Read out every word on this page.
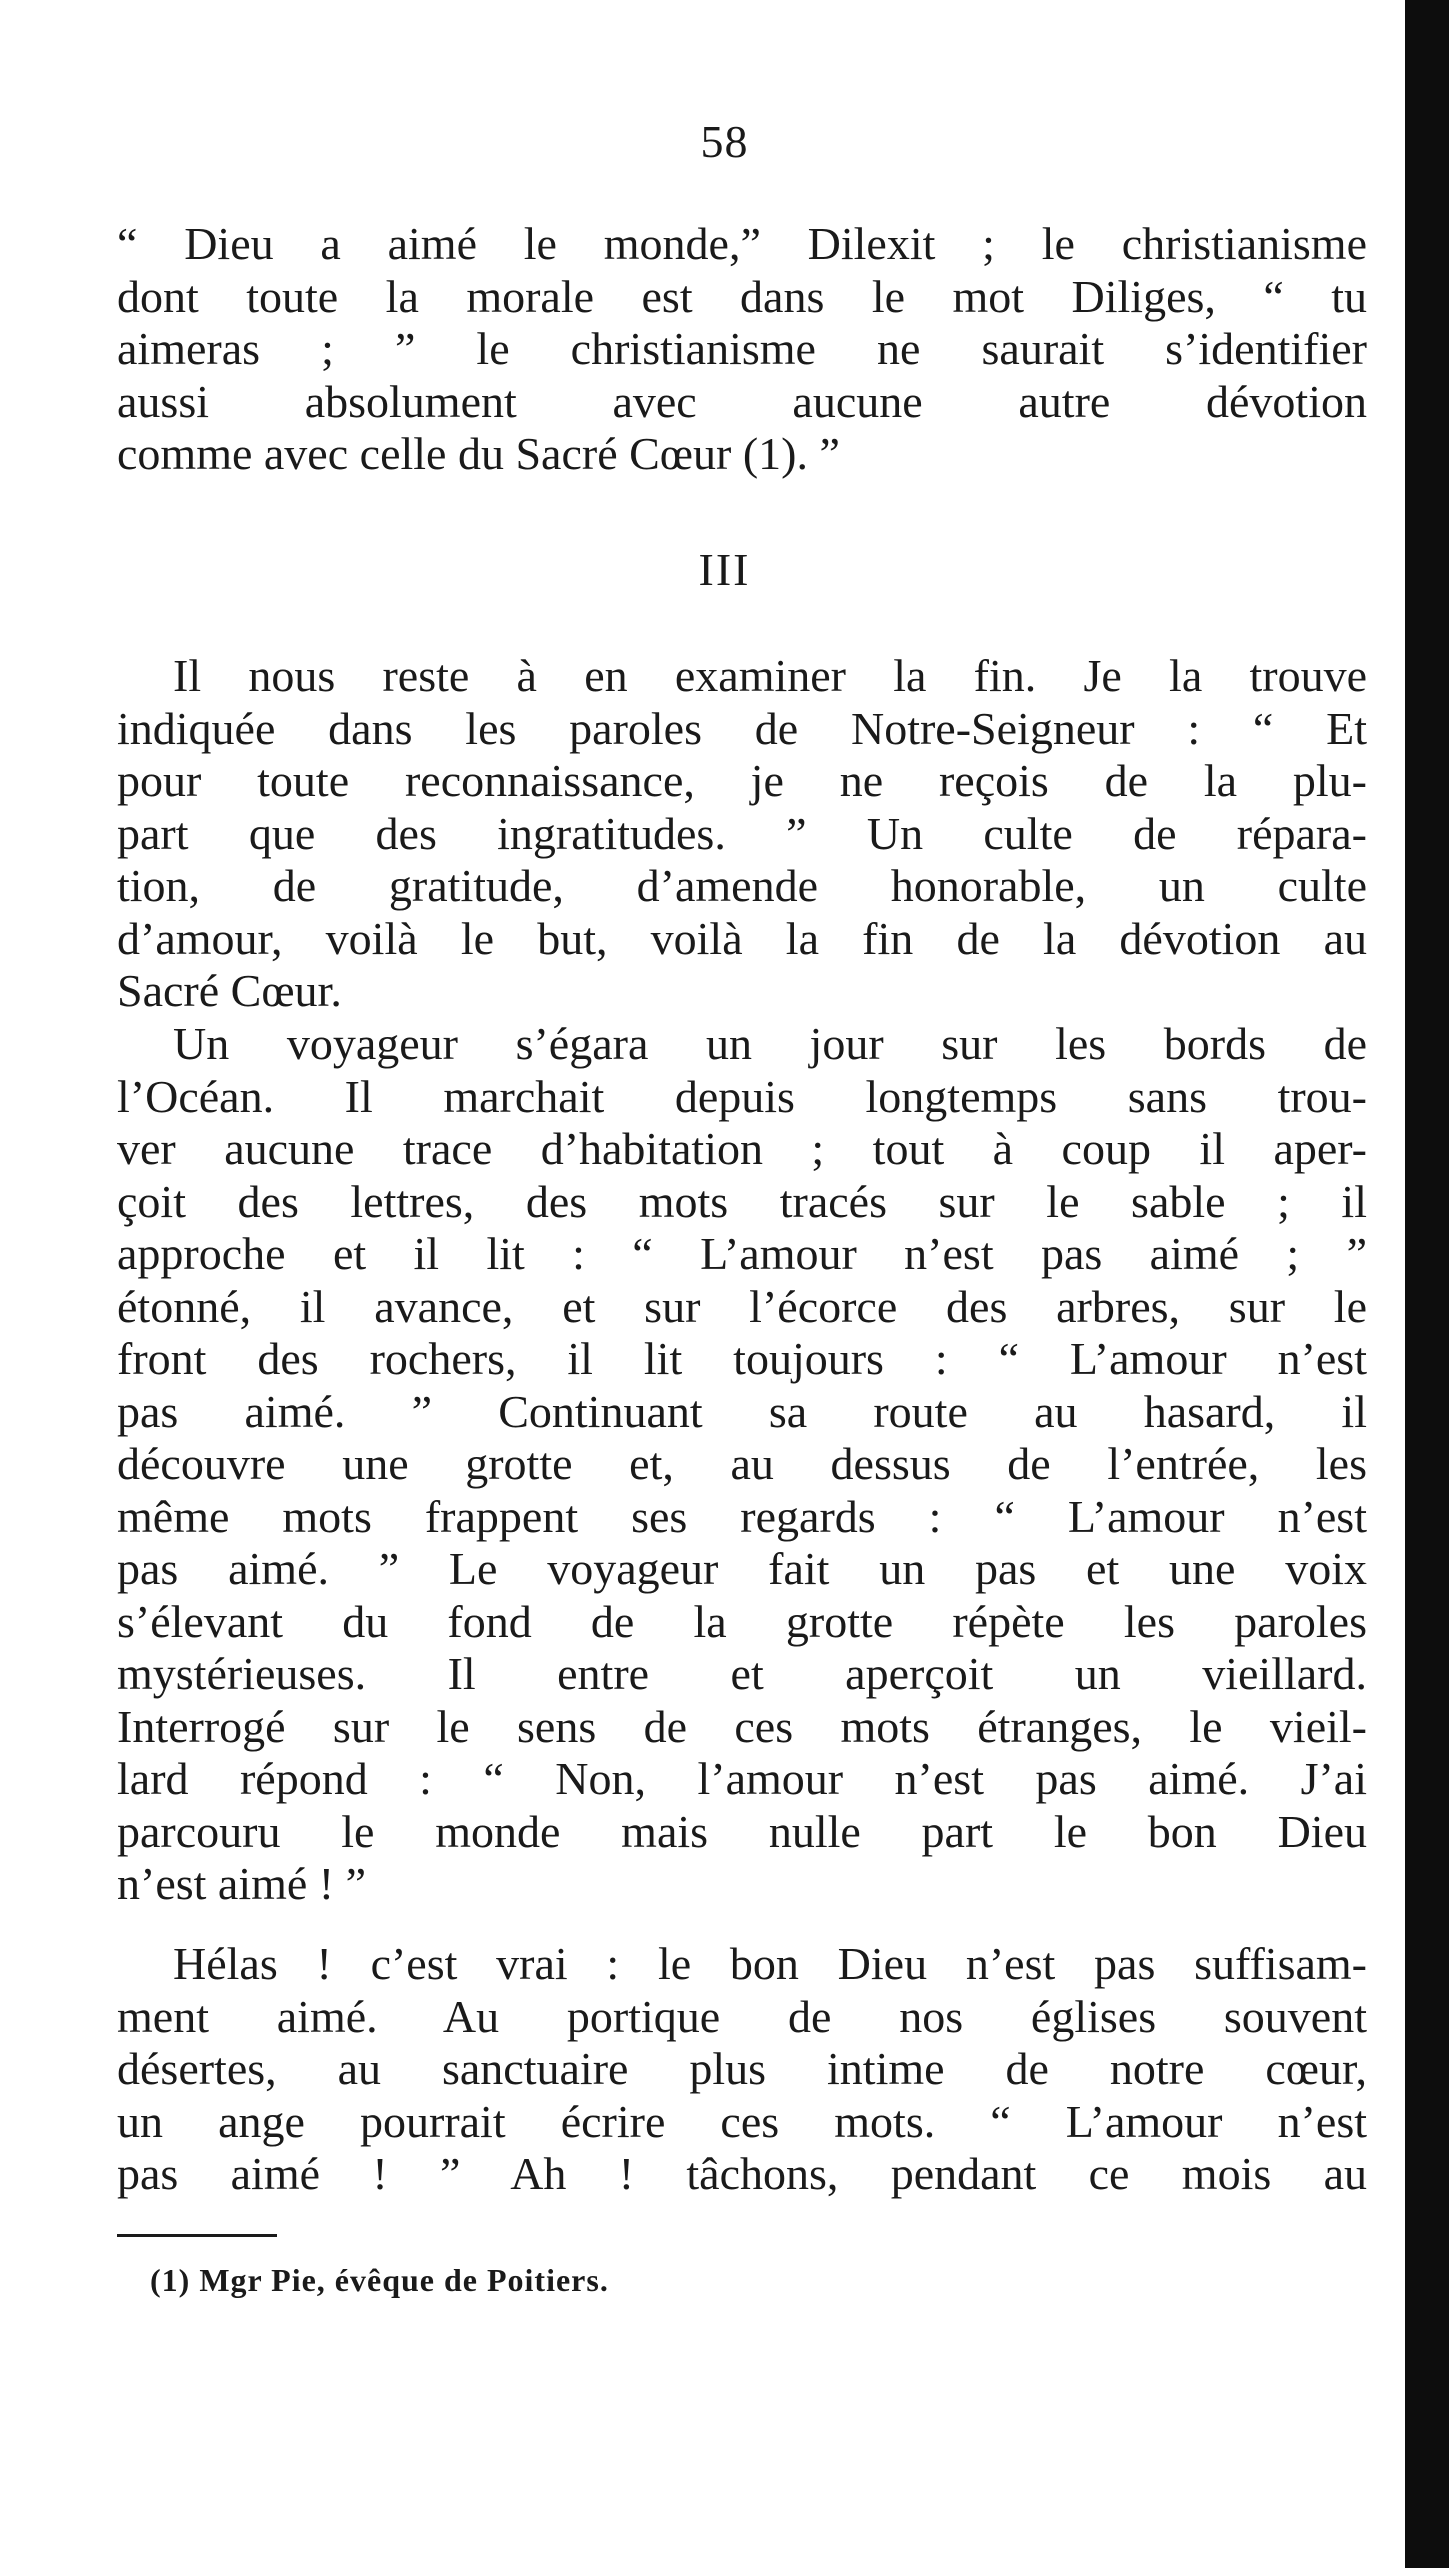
58
“ Dieu a aimé le monde,” Dilexit ; le christianisme
dont toute la morale est dans le mot Diliges, “ tu
aimeras ; ” le christianisme ne saurait s’identifier
aussi absolument avec aucune autre dévotion
comme avec celle du Sacré Cœur (1). ”
III
Il nous reste à en examiner la fin. Je la trouve
indiquée dans les paroles de Notre-Seigneur : “ Et
pour toute reconnaissance, je ne reçois de la plu-
part que des ingratitudes. ” Un culte de répara-
tion, de gratitude, d’amende honorable, un culte
d’amour, voilà le but, voilà la fin de la dévotion au
Sacré Cœur.
Un voyageur s’égara un jour sur les bords de
l’Océan. Il marchait depuis longtemps sans trou-
ver aucune trace d’habitation ; tout à coup il aper-
çoit des lettres, des mots tracés sur le sable ; il
approche et il lit : “ L’amour n’est pas aimé ; ”
étonné, il avance, et sur l’écorce des arbres, sur le
front des rochers, il lit toujours : “ L’amour n’est
pas aimé. ” Continuant sa route au hasard, il
découvre une grotte et, au dessus de l’entrée, les
même mots frappent ses regards : “ L’amour n’est
pas aimé. ” Le voyageur fait un pas et une voix
s’élevant du fond de la grotte répète les paroles
mystérieuses. Il entre et aperçoit un vieillard.
Interrogé sur le sens de ces mots étranges, le vieil-
lard répond : “ Non, l’amour n’est pas aimé. J’ai
parcouru le monde mais nulle part le bon Dieu
n’est aimé ! ”
Hélas ! c’est vrai : le bon Dieu n’est pas suffisam-
ment aimé. Au portique de nos églises souvent
désertes, au sanctuaire plus intime de notre cœur,
un ange pourrait écrire ces mots. “ L’amour n’est
pas aimé ! ” Ah ! tâchons, pendant ce mois au
(1) Mgr Pie, évêque de Poitiers.
